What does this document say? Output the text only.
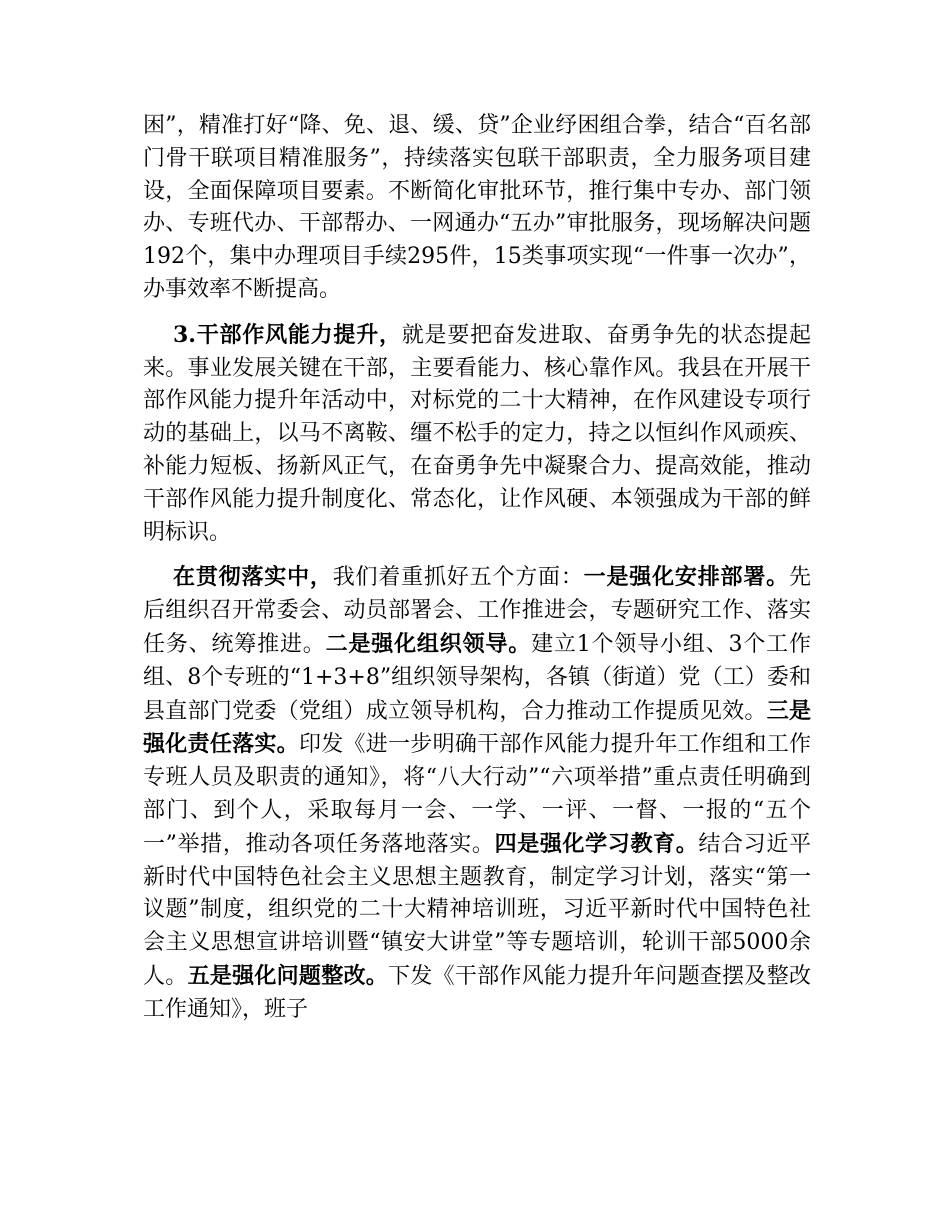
困”，精准打好“降、免、退、缓、贷”企业纾困组合拳，结合“百名部门骨干联项目精准服务”，持续落实包联干部职责，全力服务项目建设，全面保障项目要素。不断简化审批环节，推行集中专办、部门领办、专班代办、干部帮办、一网通办“五办”审批服务，现场解决问题192个，集中办理项目手续295件，15类事项实现“一件事一次办”，办事效率不断提高。

3.干部作风能力提升，就是要把奋发进取、奋勇争先的状态提起来。事业发展关键在干部，主要看能力、核心靠作风。我县在开展干部作风能力提升年活动中，对标党的二十大精神，在作风建设专项行动的基础上，以马不离鞍、缰不松手的定力，持之以恒纠作风顽疾、补能力短板、扬新风正气，在奋勇争先中凝聚合力、提高效能，推动干部作风能力提升制度化、常态化，让作风硬、本领强成为干部的鲜明标识。

在贯彻落实中，我们着重抓好五个方面：一是强化安排部署。先后组织召开常委会、动员部署会、工作推进会，专题研究工作、落实任务、统筹推进。二是强化组织领导。建立1个领导小组、3个工作组、8个专班的“1+3+8”组织领导架构，各镇（街道）党（工）委和县直部门党委（党组）成立领导机构，合力推动工作提质见效。三是强化责任落实。印发《进一步明确干部作风能力提升年工作组和工作专班人员及职责的通知》，将“八大行动”“六项举措”重点责任明确到部门、到个人，采取每月一会、一学、一评、一督、一报的“五个一”举措，推动各项任务落地落实。四是强化学习教育。结合习近平新时代中国特色社会主义思想主题教育，制定学习计划，落实“第一议题”制度，组织党的二十大精神培训班，习近平新时代中国特色社会主义思想宣讲培训暨“镇安大讲堂”等专题培训，轮训干部5000余人。五是强化问题整改。下发《干部作风能力提升年问题查摆及整改工作通知》，班子
